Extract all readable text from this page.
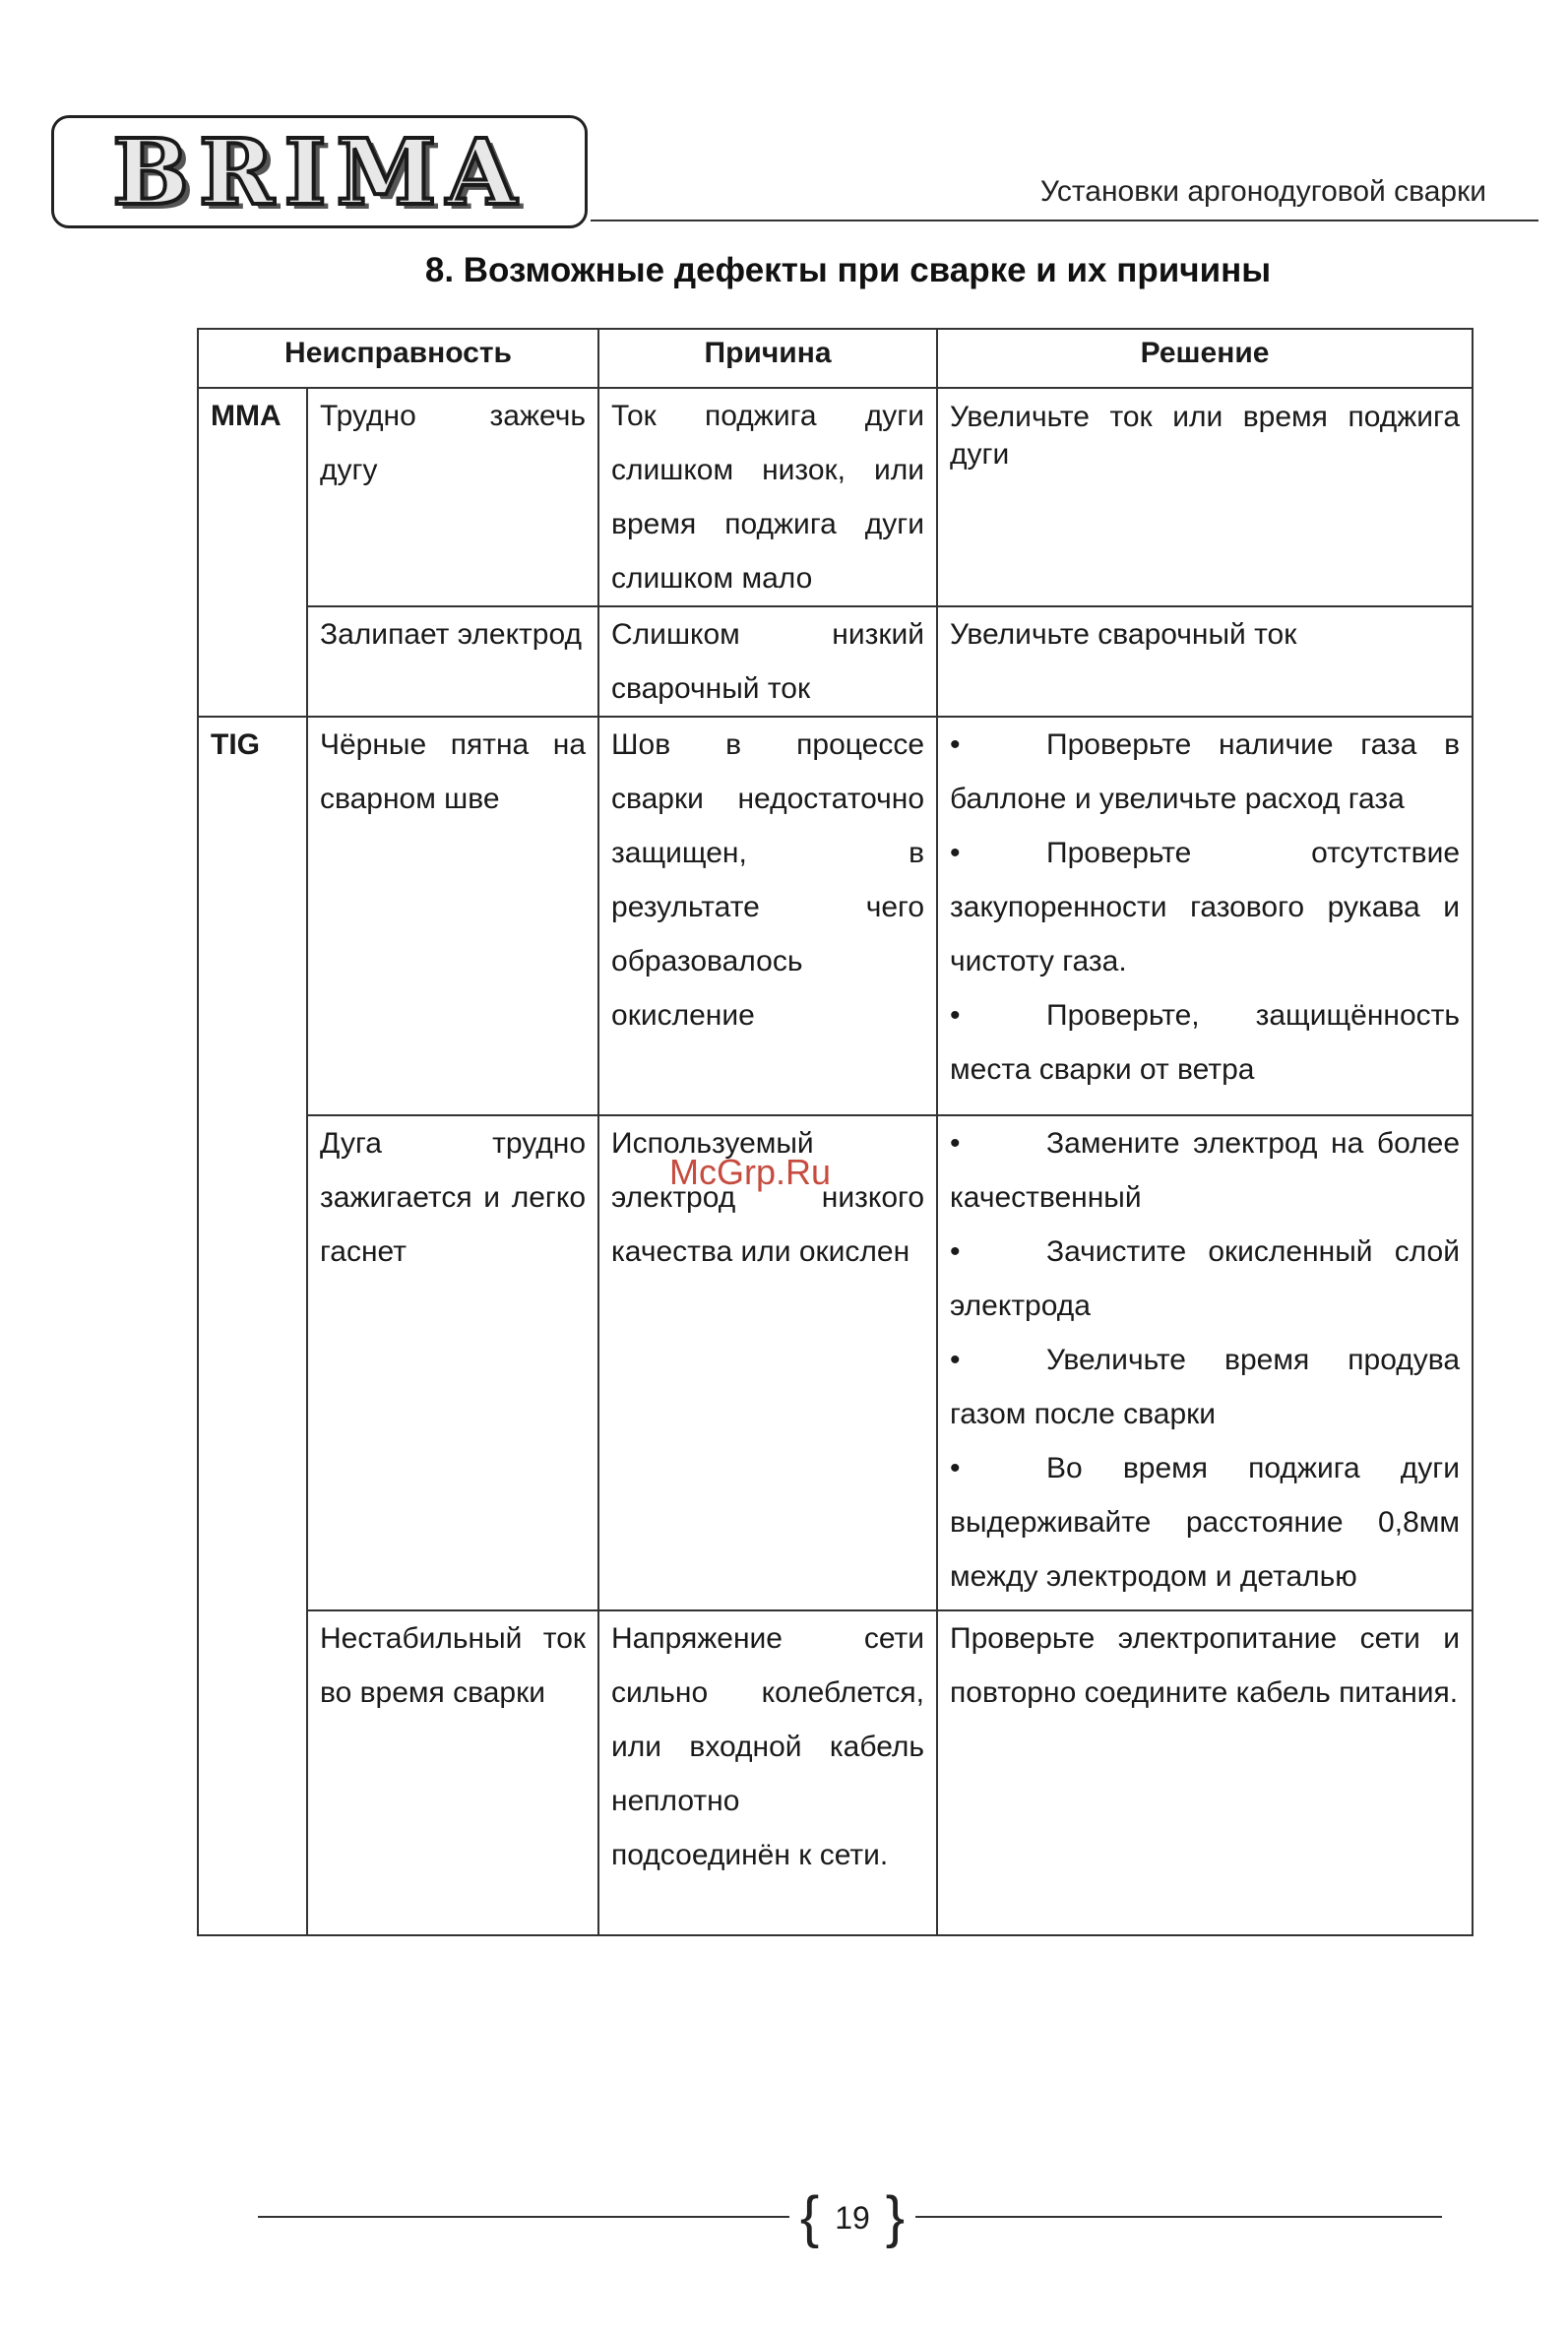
BRIMA	Установки аргонодуговой сварки
8. Возможные дефекты при сварке и их причины
Неисправность		Причина	Решение
MMA	Трудно зажечь дугу	Ток поджига дуги слишком низок, или время поджига дуги слишком мало	Увеличьте ток или время поджига дуги
	Залипает электрод	Слишком низкий сварочный ток	Увеличьте сварочный ток
TIG	Чёрные пятна на сварном шве	Шов в процессе сварки недостаточно защищен, в результате чего образовалось окисление	• Проверьте наличие газа в баллоне и увеличьте расход газа
• Проверьте отсутствие закупоренности газового рукава и чистоту газа.
• Проверьте, защищённость места сварки от ветра

	Дуга трудно зажигается и легко гаснет	Используемый электрод низкого качества или окислен	• Замените электрод на более качественный
• Зачистите окисленный слой электрода
• Увеличьте время продува газом после сварки
• Во время поджига дуги выдерживайте расстояние 0,8мм между электродом и деталью

	Нестабильный ток во время сварки	Напряжение сети сильно колеблется, или входной кабель неплотно подсоединён к сети.	Проверьте электропитание сети и повторно соедините кабель питания.
McGrp.Ru
{ 19 }
